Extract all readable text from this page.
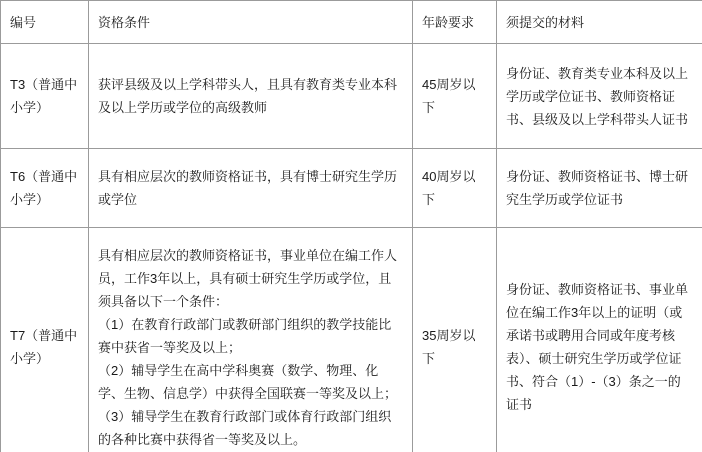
编号	资格条件	年龄要求	须提交的材料
T3（普通中小学）	获评县级及以上学科带头人，且具有教育类专业本科及以上学历或学位的高级教师	45周岁以下	身份证、教育类专业本科及以上学历或学位证书、教师资格证书、县级及以上学科带头人证书
T6（普通中小学）	具有相应层次的教师资格证书，具有博士研究生学历或学位	40周岁以下	身份证、教师资格证书、博士研究生学历或学位证书
T7（普通中小学）	具有相应层次的教师资格证书，事业单位在编工作人员，工作3年以上，具有硕士研究生学历或学位，且须具备以下一个条件：
（1）在教育行政部门或教研部门组织的教学技能比赛中获省一等奖及以上；
（2）辅导学生在高中学科奥赛（数学、物理、化学、生物、信息学）中获得全国联赛一等奖及以上；
（3）辅导学生在教育行政部门或体育行政部门组织的各种比赛中获得省一等奖及以上。	35周岁以下	身份证、教师资格证书、事业单位在编工作3年以上的证明（或承诺书或聘用合同或年度考核表）、硕士研究生学历或学位证书、符合（1）-（3）条之一的证书
